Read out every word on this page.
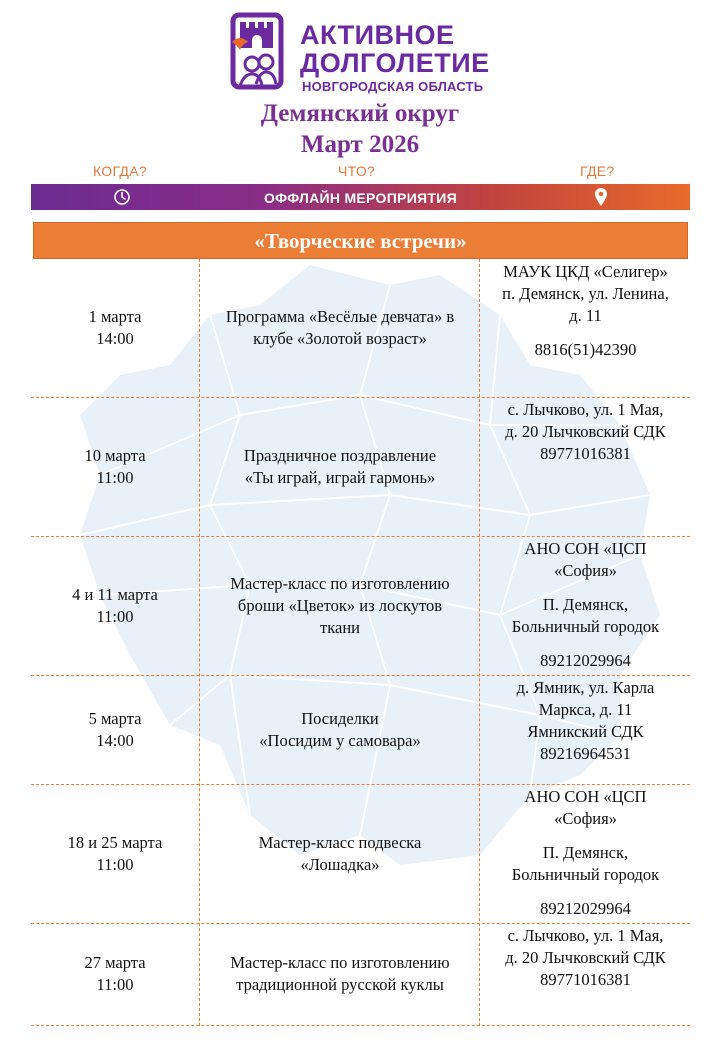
АКТИВНОЕ
ДОЛГОЛЕТИЕ
НОВГОРОДСКАЯ ОБЛАСТЬ
Демянский округ
Март 2026
КОГДА?	ЧТО?	ГДЕ?
ОФФЛАЙН МЕРОПРИЯТИЯ
«Творческие встречи»
1 марта
14:00
Программа «Весёлые девчата» в
клубе «Золотой возраст»
МАУК ЦКД «Селигер»
п. Демянск, ул. Ленина,
д. 11
8816(51)42390
10 марта
11:00
Праздничное поздравление
«Ты играй, играй гармонь»
с. Лычково, ул. 1 Мая,
д. 20 Лычковский СДК
89771016381
4 и 11 марта
11:00
Мастер-класс по изготовлению
броши «Цветок» из лоскутов
ткани
АНО СОН «ЦСП
«София»
П. Демянск,
Больничный городок
89212029964
5 марта
14:00
Посиделки
«Посидим у самовара»
д. Ямник, ул. Карла
Маркса, д. 11
Ямникский СДК
89216964531
18 и 25 марта
11:00
Мастер-класс подвеска
«Лошадка»
АНО СОН «ЦСП
«София»
П. Демянск,
Больничный городок
89212029964
27 марта
11:00
Мастер-класс по изготовлению
традиционной русской куклы
с. Лычково, ул. 1 Мая,
д. 20 Лычковский СДК
89771016381
